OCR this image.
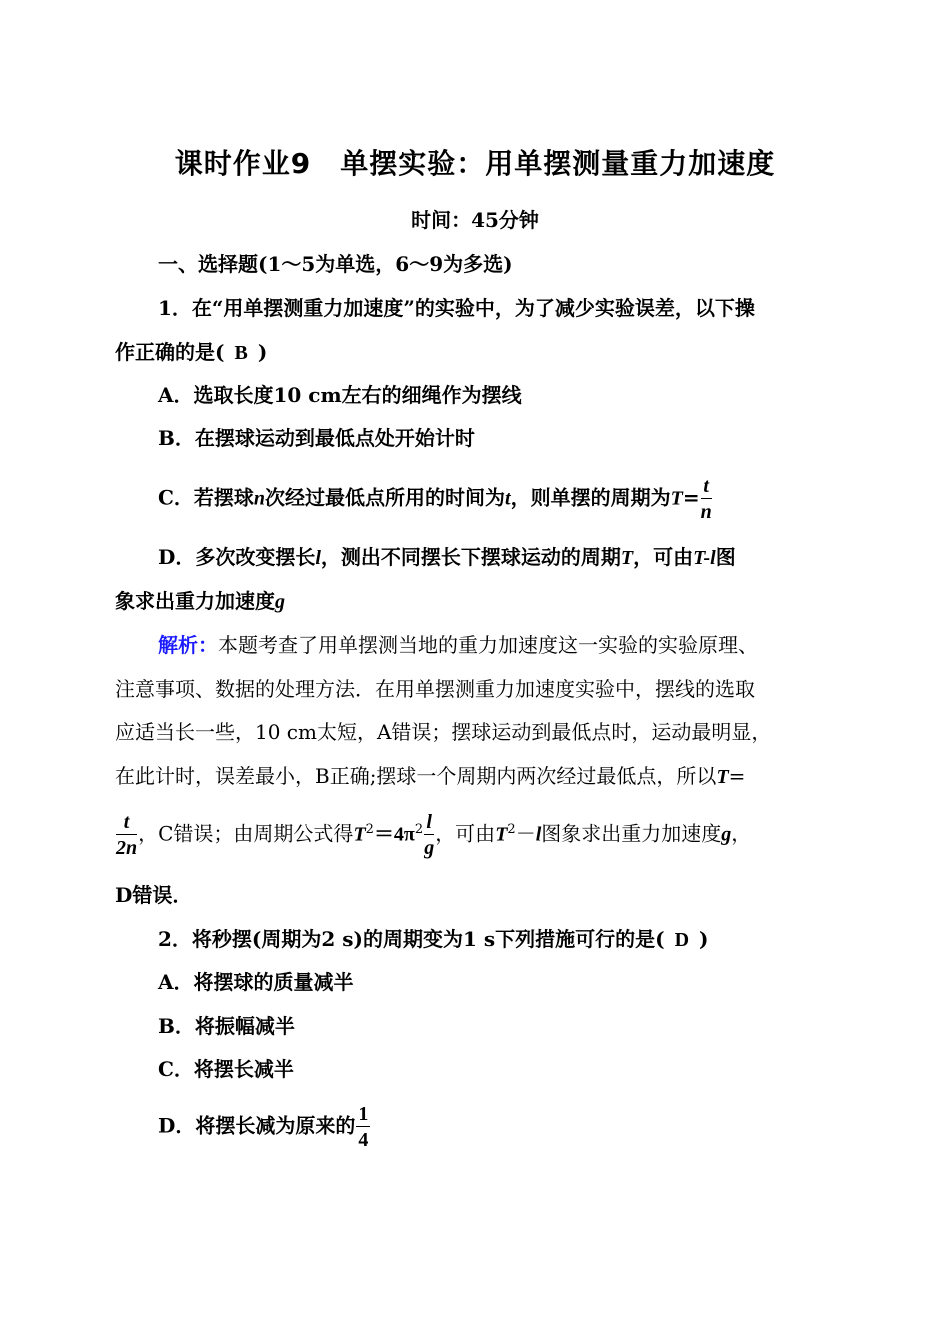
课时作业9　单摆实验：用单摆测量重力加速度
时间：45分钟
一、选择题(1～5为单选，6～9为多选)
1．在“用单摆测重力加速度”的实验中，为了减少实验误差，以下操
作正确的是( B )
A．选取长度10 cm左右的细绳作为摆线
B．在摆球运动到最低点处开始计时
C．若摆球n次经过最低点所用的时间为t，则单摆的周期为$T= \frac{t}{n}$
D．多次改变摆长l，测出不同摆长下摆球运动的周期T，可由T-l图
象求出重力加速度g
解析：本题考查了用单摆测当地的重力加速度这一实验的实验原理、
注意事项、数据的处理方法．在用单摆测重力加速度实验中，摆线的选取
应适当长一些，10 cm太短，A错误；摆球运动到最低点时，运动最明显，
在此计时，误差最小，B正确;摆球一个周期内两次经过最低点，所以T=
$\frac{t}{2n}$ ，C错误；由周期公式得$T^2=4\pi^2 \frac{l}{g}$ ，可由$T^2-l$图象求出重力加速度g，
D错误．
2．将秒摆(周期为2 s)的周期变为1 s下列措施可行的是( D )
A．将摆球的质量减半
B．将振幅减半
C．将摆长减半
D．将摆长减为原来的 $\frac{1}{4}$
